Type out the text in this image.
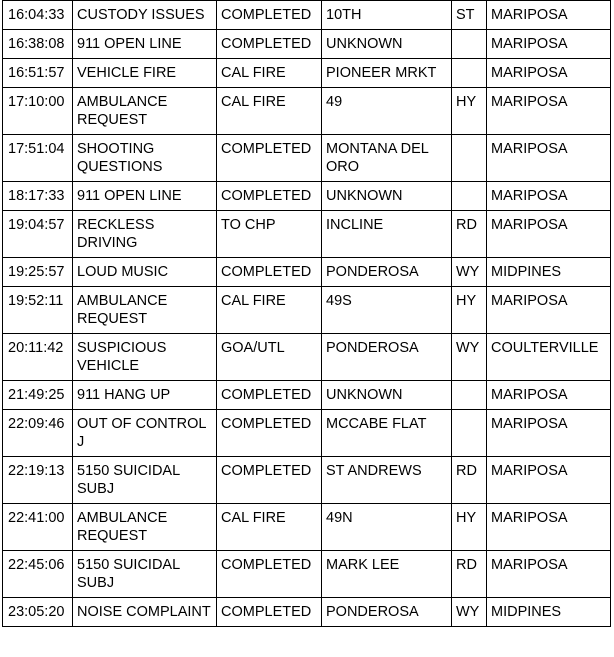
16:04:33	CUSTODY ISSUES	COMPLETED	10TH	ST	MARIPOSA
16:38:08	911 OPEN LINE	COMPLETED	UNKNOWN		MARIPOSA
16:51:57	VEHICLE FIRE	CAL FIRE	PIONEER MRKT		MARIPOSA
17:10:00	AMBULANCE REQUEST	CAL FIRE	49	HY	MARIPOSA
17:51:04	SHOOTING QUESTIONS	COMPLETED	MONTANA DEL ORO		MARIPOSA
18:17:33	911 OPEN LINE	COMPLETED	UNKNOWN		MARIPOSA
19:04:57	RECKLESS DRIVING	TO CHP	INCLINE	RD	MARIPOSA
19:25:57	LOUD MUSIC	COMPLETED	PONDEROSA	WY	MIDPINES
19:52:11	AMBULANCE REQUEST	CAL FIRE	49S	HY	MARIPOSA
20:11:42	SUSPICIOUS VEHICLE	GOA/UTL	PONDEROSA	WY	COULTERVILLE
21:49:25	911 HANG UP	COMPLETED	UNKNOWN		MARIPOSA
22:09:46	OUT OF CONTROL J	COMPLETED	MCCABE FLAT		MARIPOSA
22:19:13	5150 SUICIDAL SUBJ	COMPLETED	ST ANDREWS	RD	MARIPOSA
22:41:00	AMBULANCE REQUEST	CAL FIRE	49N	HY	MARIPOSA
22:45:06	5150 SUICIDAL SUBJ	COMPLETED	MARK LEE	RD	MARIPOSA
23:05:20	NOISE COMPLAINT	COMPLETED	PONDEROSA	WY	MIDPINES
